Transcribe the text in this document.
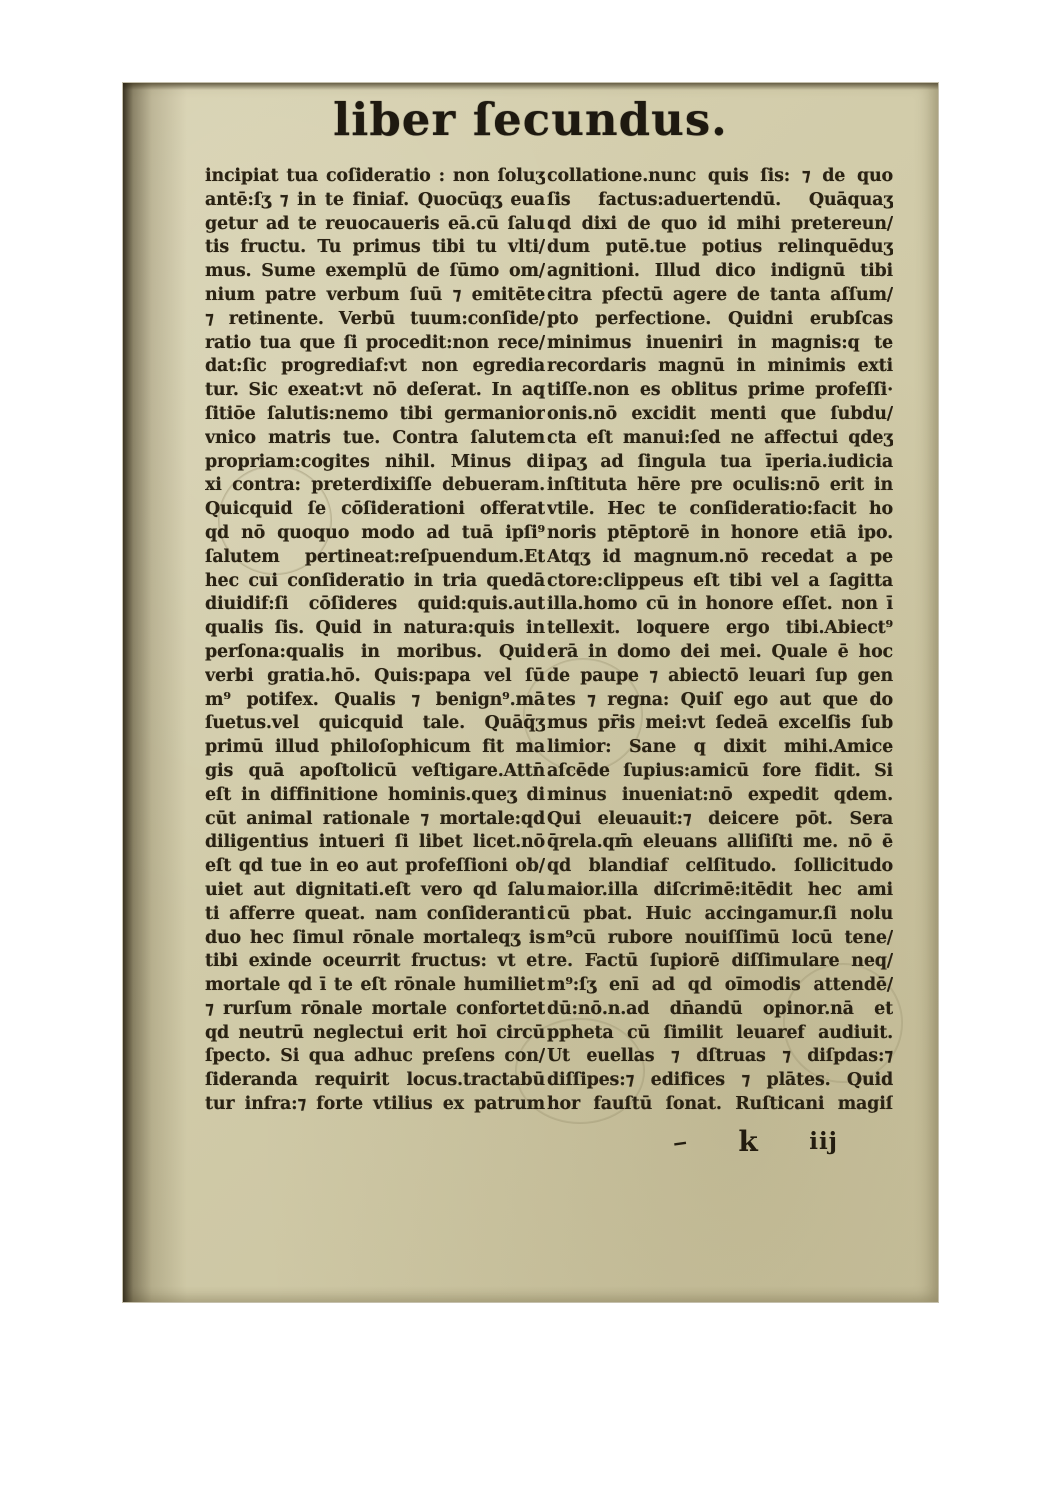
liber ſecundus.
incipiat tua coſideratio : non ſoluʒ
antē:ſʒ ⁊ in te finiaf. Quocūqʒ eua
getur ad te reuocaueris eā.cū ſalu
tis fructu. Tu primus tibi tu vlti/
mus. Sume exemplū de ſūmo om/
nium patre verbum ſuū ⁊ emitēte
⁊ retinente. Verbū tuum:conſide/
ratio tua que ſi procedit:non rece/
dat:ſic progrediaf:vt non egredia
tur. Sic exeat:vt nō deſerat. In aq
ſitiōe ſalutis:nemo tibi germanior
vnico matris tue. Contra ſalutem
propriam:cogites nihil. Minus di
xi contra: preterdixiſſe debueram.
Quicquid ſe cōſiderationi offerat
qd nō quoquo modo ad tuā ipſi⁹
ſalutem pertineat:reſpuendum.Et
hec cui conſideratio in tria quedā
diuidif:ſi cōſideres quid:quis.aut
qualis ſis. Quid in natura:quis in
perſona:qualis in moribus. Quid
verbi gratia.hō. Quis:papa vel ſū
m⁹ potifex. Qualis ⁊ benign⁹.mā
ſuetus.vel quicquid tale. Quāq̄ʒ
primū illud philoſophicum fit ma
gis quā apoſtolicū veſtigare.Attn̄
eſt in diffinitione hominis.queʒ di
cūt animal rationale ⁊ mortale:qd
diligentius intueri ſi libet licet.nō
eſt qd tue in eo aut profeſſioni ob/
uiet aut dignitati.eſt vero qd ſalu
ti afferre queat. nam conſideranti
duo hec ſimul rōnale mortaleqʒ is
tibi exinde oceurrit fructus: vt et
mortale qd ī te eſt rōnale humiliet
⁊ rurſum rōnale mortale confortet
qd neutrū neglectui erit hoī circū
ſpecto. Si qua adhuc preſens con/
ſideranda requirit locus.tractabū
tur infra:⁊ forte vtilius ex patrum
collatione.nunc quis ſis: ⁊ de quo
ſis factus:aduertendū. Quāquaʒ
qd dixi de quo id mihi pretereun/
dum putē.tue potius relinquēduʒ
agnitioni. Illud dico indignū tibi
citra pfectū agere de tanta aſſum/
pto perfectione. Quidni erubſcas
minimus inueniri in magnis:q te
recordaris magnū in minimis exti
tiſſe.non es oblitus prime profeſſi·
onis.nō excidit menti que ſubdu/
cta eſt manui:ſed ne affectui qdeʒ
ipaʒ ad ſingula tua īperia.iudicia
inſtituta hēre pre oculis:nō erit in
vtile. Hec te conſideratio:facit ho
noris ptēptorē in honore etiā ipo.
Atqʒ id magnum.nō recedat a pe
ctore:clippeus eſt tibi vel a ſagitta
illa.homo cū in honore eſſet. non ī
tellexit. loquere ergo tibi.Abiect⁹
erā in domo dei mei. Quale ē hoc
de paupe ⁊ abiectō leuari ſup gen
tes ⁊ regna: Quiſ ego aut que do
mus pr̄is mei:vt ſedeā excelſis ſub
limior: Sane q dixit mihi.Amice
aſcēde ſupius:amicū fore fidit. Si
minus inueniat:nō expedit qdem.
Qui eleuauit:⁊ deicere pōt. Sera
q̄rela.qm̄ eleuans alliſiſti me. nō ē
qd blandiaf celſitudo. ſollicitudo
maior.illa diſcrimē:itēdit hec ami
cū pbat. Huic accingamur.ſi nolu
m⁹cū rubore nouiſſimū locū tene/
re. Factū ſupiorē diſſimulare neq/
m⁹:ſʒ enī ad qd oīmodis attendē/
dū:nō.n.ad dn̄andū opinor.nā et
ppheta cū ſimilit leuaref audiuit.
Ut euellas ⁊ dſtruas ⁊ diſpdas:⁊
diſſipes:⁊ edifices ⁊ plātes. Quid
hor fauſtū ſonat. Ruſticani magiſ
‒ k iij
